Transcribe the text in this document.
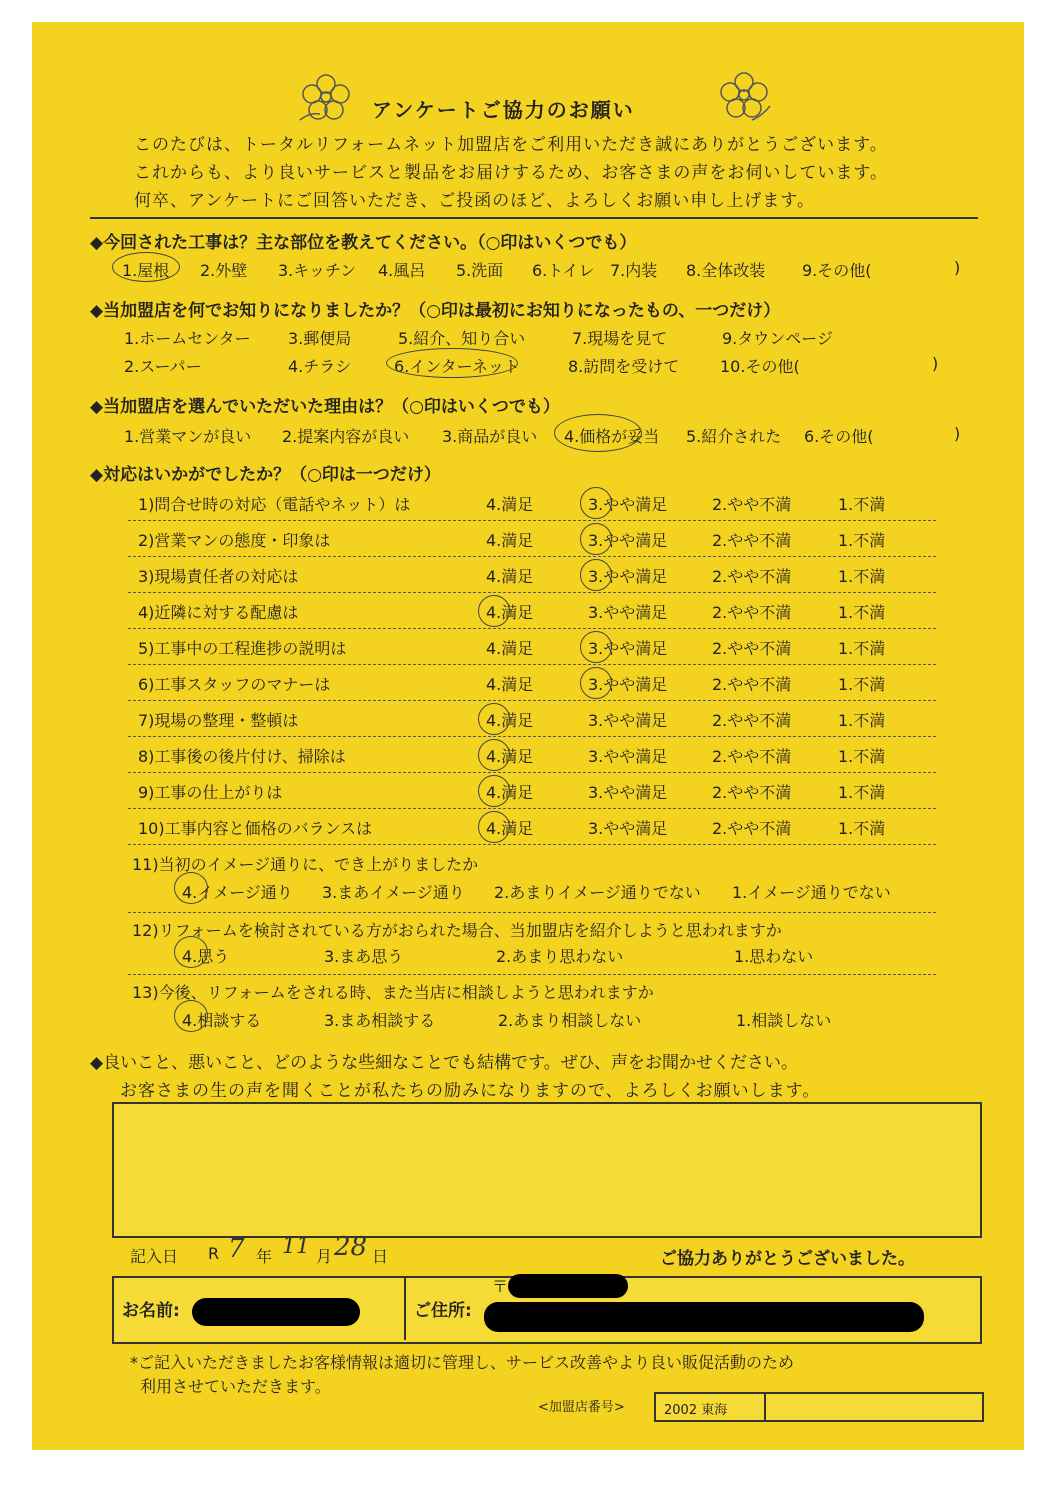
アンケートご協力のお願い
このたびは、トータルリフォームネット加盟店をご利用いただき誠にありがとうございます。
これからも、より良いサービスと製品をお届けするため、お客さまの声をお伺いしています。
何卒、アンケートにご回答いただき、ご投函のほど、よろしくお願い申し上げます。
◆今回された工事は？主な部位を教えてください。（○印はいくつでも）
1.屋根 2.外壁 3.キッチン 4.風呂 5.洗面 6.トイレ 7.内装 8.全体改装 9.その他(	)
◆当加盟店を何でお知りになりましたか？（○印は最初にお知りになったもの、一つだけ）
1.ホームセンター 3.郵便局	5.紹介、知り合い	7.現場を見て	9.タウンページ
2.スーパー	4.チラシ	6.インターネット	8.訪問を受けて	10.その他(	)
◆当加盟店を選んでいただいた理由は？（○印はいくつでも）
1.営業マンが良い 2.提案内容が良い 3.商品が良い 4.価格が妥当 5.紹介された 6.その他(	)
◆対応はいかがでしたか？（○印は一つだけ）
1)問合せ時の対応（電話やネット）は	4.満足	3.やや満足	2.やや不満	1.不満
2)営業マンの態度・印象は	4.満足	3.やや満足	2.やや不満	1.不満
3)現場責任者の対応は	4.満足	3.やや満足	2.やや不満	1.不満
4)近隣に対する配慮は	4.満足	3.やや満足	2.やや不満	1.不満
5)工事中の工程進捗の説明は	4.満足	3.やや満足	2.やや不満	1.不満
6)工事スタッフのマナーは	4.満足	3.やや満足	2.やや不満	1.不満
7)現場の整理・整頓は	4.満足	3.やや満足	2.やや不満	1.不満
8)工事後の後片付け、掃除は	4.満足	3.やや満足	2.やや不満	1.不満
9)工事の仕上がりは	4.満足	3.やや満足	2.やや不満	1.不満
10)工事内容と価格のバランスは	4.満足	3.やや満足	2.やや不満	1.不満
11)当初のイメージ通りに、でき上がりましたか
4.イメージ通り 3.まあイメージ通り 2.あまりイメージ通りでない 1.イメージ通りでない
12)リフォームを検討されている方がおられた場合、当加盟店を紹介しようと思われますか
4.思う	3.まあ思う	2.あまり思わない	1.思わない
13)今後、リフォームをされる時、また当店に相談しようと思われますか
4.相談する	3.まあ相談する	2.あまり相談しない	1.相談しない
◆良いこと、悪いこと、どのような些細なことでも結構です。ぜひ、声をお聞かせください。
お客さまの生の声を聞くことが私たちの励みになりますので、よろしくお願いします。
記入日 R 7 年 11 月 28 日	ご協力ありがとうございました。
お名前:	ご住所:
〒
*ご記入いただきましたお客様情報は適切に管理し、サービス改善やより良い販促活動のため
利用させていただきます。
<加盟店番号>	2002 東海
